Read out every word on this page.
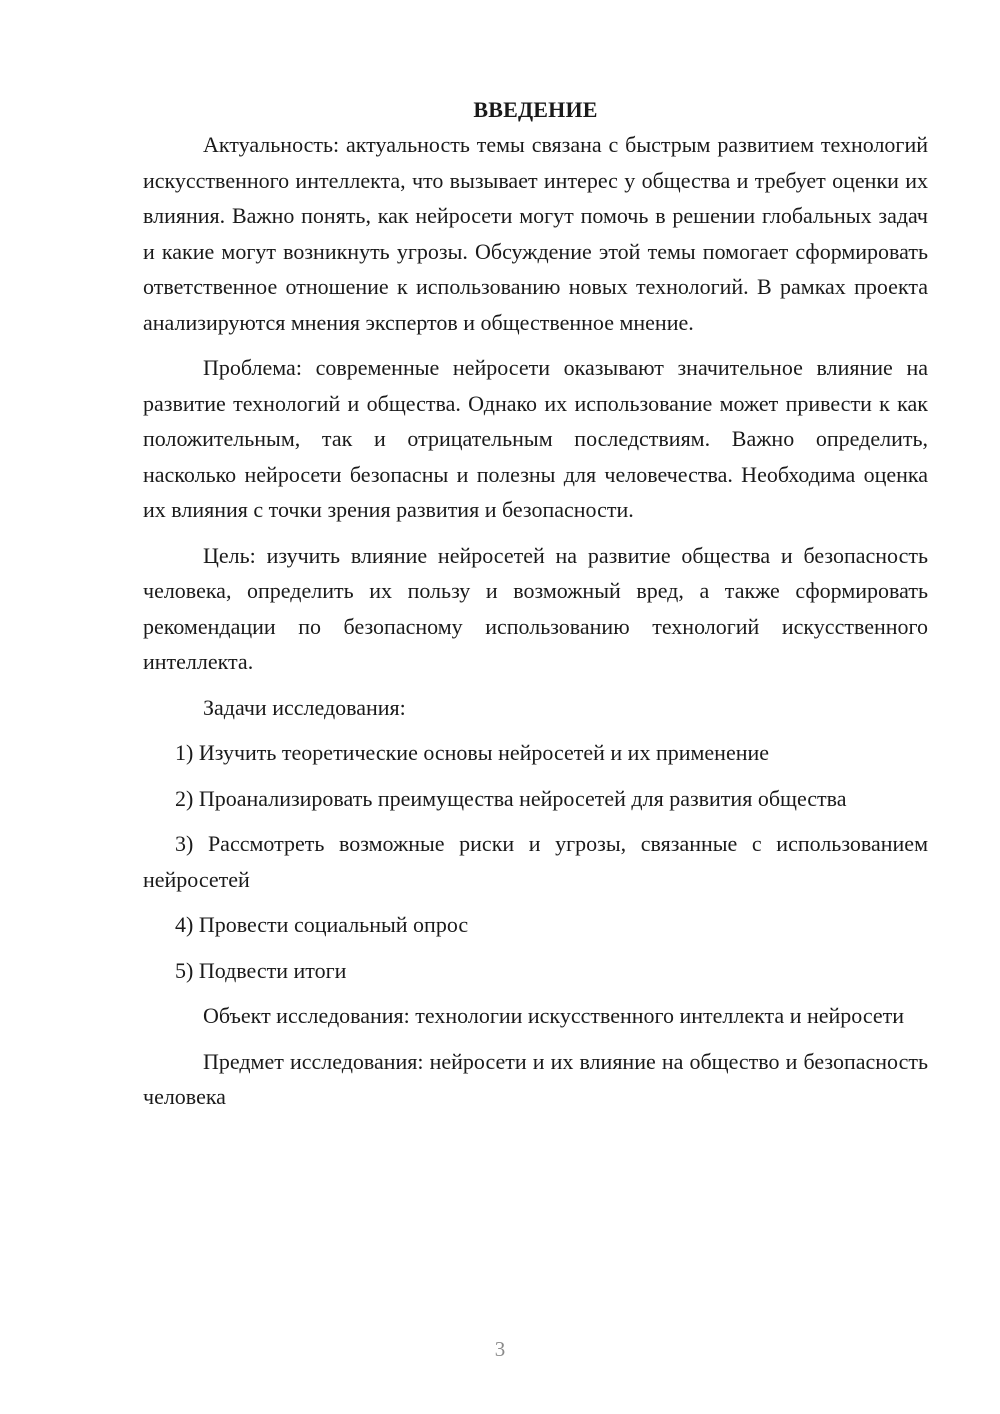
ВВЕДЕНИЕ

Актуальность: актуальность темы связана с быстрым развитием технологий искусственного интеллекта, что вызывает интерес у общества и требует оценки их влияния. Важно понять, как нейросети могут помочь в решении глобальных задач и какие могут возникнуть угрозы. Обсуждение этой темы помогает сформировать ответственное отношение к использованию новых технологий. В рамках проекта анализируются мнения экспертов и общественное мнение.

Проблема: современные нейросети оказывают значительное влияние на развитие технологий и общества. Однако их использование может привести к как положительным, так и отрицательным последствиям. Важно определить, насколько нейросети безопасны и полезны для человечества. Необходима оценка их влияния с точки зрения развития и безопасности.

Цель: изучить влияние нейросетей на развитие общества и безопасность человека, определить их пользу и возможный вред, а также сформировать рекомендации по безопасному использованию технологий искусственного интеллекта.

Задачи исследования:

1) Изучить теоретические основы нейросетей и их применение

2) Проанализировать преимущества нейросетей для развития общества

3) Рассмотреть возможные риски и угрозы, связанные с использованием нейросетей

4) Провести социальный опрос

5) Подвести итоги

Объект исследования: технологии искусственного интеллекта и нейросети

Предмет исследования: нейросети и их влияние на общество и безопасность человека

3
